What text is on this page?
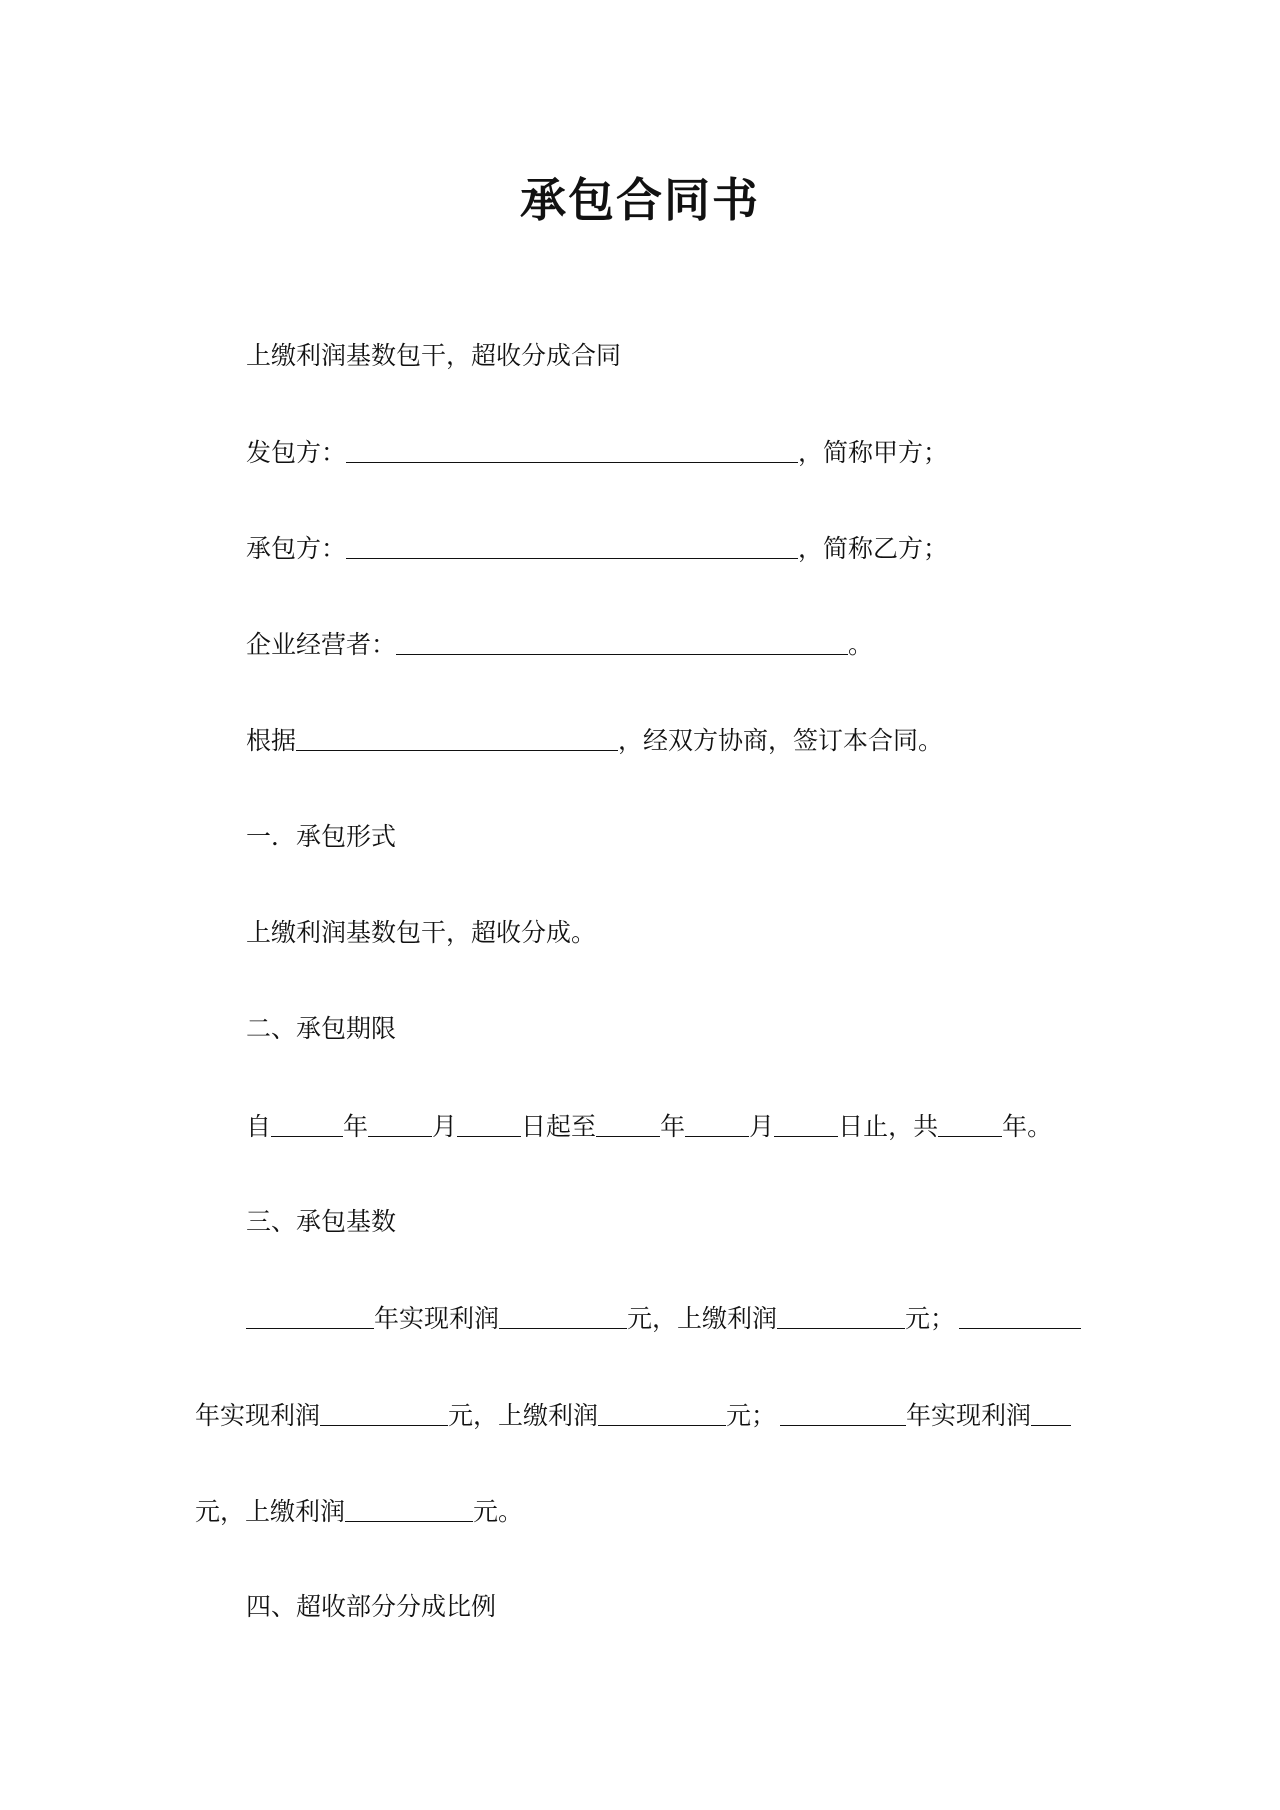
承包合同书
上缴利润基数包干，超收分成合同
发包方：	，简称甲方；
承包方：	，简称乙方；
企业经营者：	。
根据	，经双方协商，签订本合同。
一．承包形式
上缴利润基数包干，超收分成。
二、承包期限
自	年	月	日起至	年	月	日止，共	年。
三、承包基数
年实现利润	元，上缴利润	元；
年实现利润	元，上缴利润	元；	年实现利润
元，上缴利润	元。
四、超收部分分成比例
